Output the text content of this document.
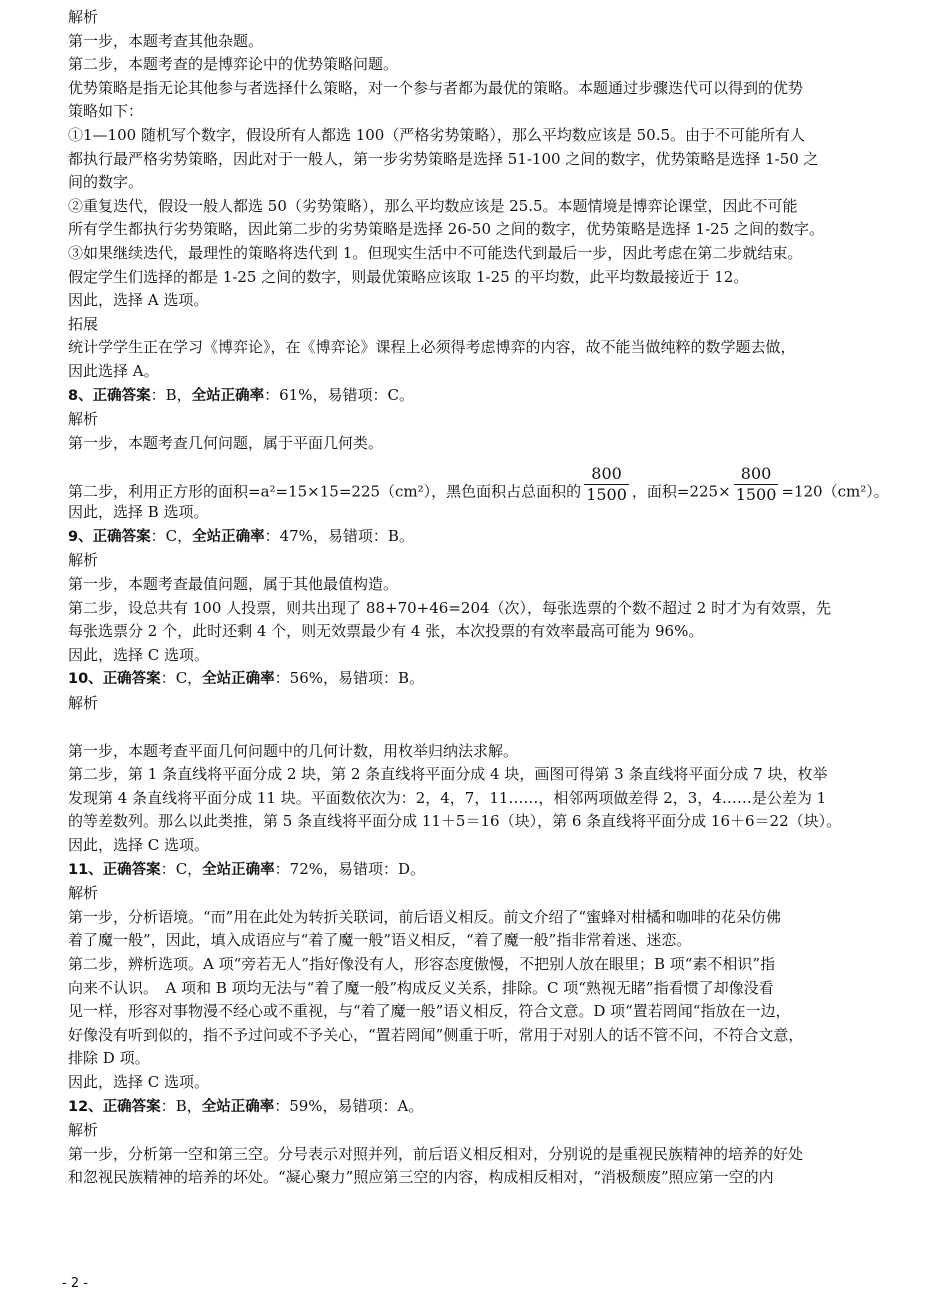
解析
第一步，本题考查其他杂题。
第二步，本题考查的是博弈论中的优势策略问题。
优势策略是指无论其他参与者选择什么策略，对一个参与者都为最优的策略。本题通过步骤迭代可以得到的优势
策略如下：
①1—100 随机写个数字，假设所有人都选 100（严格劣势策略），那么平均数应该是 50.5。由于不可能所有人
都执行最严格劣势策略，因此对于一般人，第一步劣势策略是选择 51-100 之间的数字，优势策略是选择 1-50 之
间的数字。
②重复迭代，假设一般人都选 50（劣势策略），那么平均数应该是 25.5。本题情境是博弈论课堂，因此不可能
所有学生都执行劣势策略，因此第二步的劣势策略是选择 26-50 之间的数字，优势策略是选择 1-25 之间的数字。
③如果继续迭代，最理性的策略将迭代到 1。但现实生活中不可能迭代到最后一步，因此考虑在第二步就结束。
假定学生们选择的都是 1-25 之间的数字，则最优策略应该取 1-25 的平均数，此平均数最接近于 12。
因此，选择 A 选项。
拓展
统计学学生正在学习《博弈论》，在《博弈论》课程上必须得考虑博弈的内容，故不能当做纯粹的数学题去做，
因此选择 A。
8、正确答案：B，全站正确率：61%，易错项：C。
解析
第一步，本题考查几何问题，属于平面几何类。
第二步，利用正方形的面积=a²=15×15=225（cm²），黑色面积占总面积的 $\frac{800}{1500}$ ，面积$=225\times \frac{800}{1500} =120(cm^2)$。
因此，选择 B 选项。
9、正确答案：C，全站正确率：47%，易错项：B。
解析
第一步，本题考查最值问题，属于其他最值构造。
第二步，设总共有 100 人投票，则共出现了 88+70+46=204（次），每张选票的个数不超过 2 时才为有效票，先
每张选票分 2 个，此时还剩 4 个，则无效票最少有 4 张，本次投票的有效率最高可能为 96%。
因此，选择 C 选项。
10、正确答案：C，全站正确率：56%，易错项：B。
解析
第一步，本题考查平面几何问题中的几何计数，用枚举归纳法求解。
第二步，第 1 条直线将平面分成 2 块，第 2 条直线将平面分成 4 块，画图可得第 3 条直线将平面分成 7 块，枚举
发现第 4 条直线将平面分成 11 块。平面数依次为：2，4，7，11……，相邻两项做差得 2，3，4……是公差为 1
的等差数列。那么以此类推，第 5 条直线将平面分成 11＋5＝16（块），第 6 条直线将平面分成 16＋6＝22（块）。
因此，选择 C 选项。
11、正确答案：C，全站正确率：72%，易错项：D。
解析
第一步，分析语境。“而”用在此处为转折关联词，前后语义相反。前文介绍了“蜜蜂对柑橘和咖啡的花朵仿佛
着了魔一般”，因此，填入成语应与“着了魔一般”语义相反，“着了魔一般”指非常着迷、迷恋。
第二步，辨析选项。A 项“旁若无人”指好像没有人，形容态度傲慢，不把别人放在眼里；B 项“素不相识”指
向来不认识。　A 项和 B 项均无法与“着了魔一般”构成反义关系，排除。C 项“熟视无睹”指看惯了却像没看
见一样，形容对事物漫不经心或不重视，与“着了魔一般”语义相反，符合文意。D 项“置若罔闻“指放在一边，
好像没有听到似的，指不予过问或不予关心，“置若罔闻”侧重于听，常用于对别人的话不管不问，不符合文意，
排除 D 项。
因此，选择 C 选项。
12、正确答案：B，全站正确率：59%，易错项：A。
解析
第一步，分析第一空和第三空。分号表示对照并列，前后语义相反相对，分别说的是重视民族精神的培养的好处
和忽视民族精神的培养的坏处。“凝心聚力”照应第三空的内容，构成相反相对，“消极颓废”照应第一空的内
- 2 -
